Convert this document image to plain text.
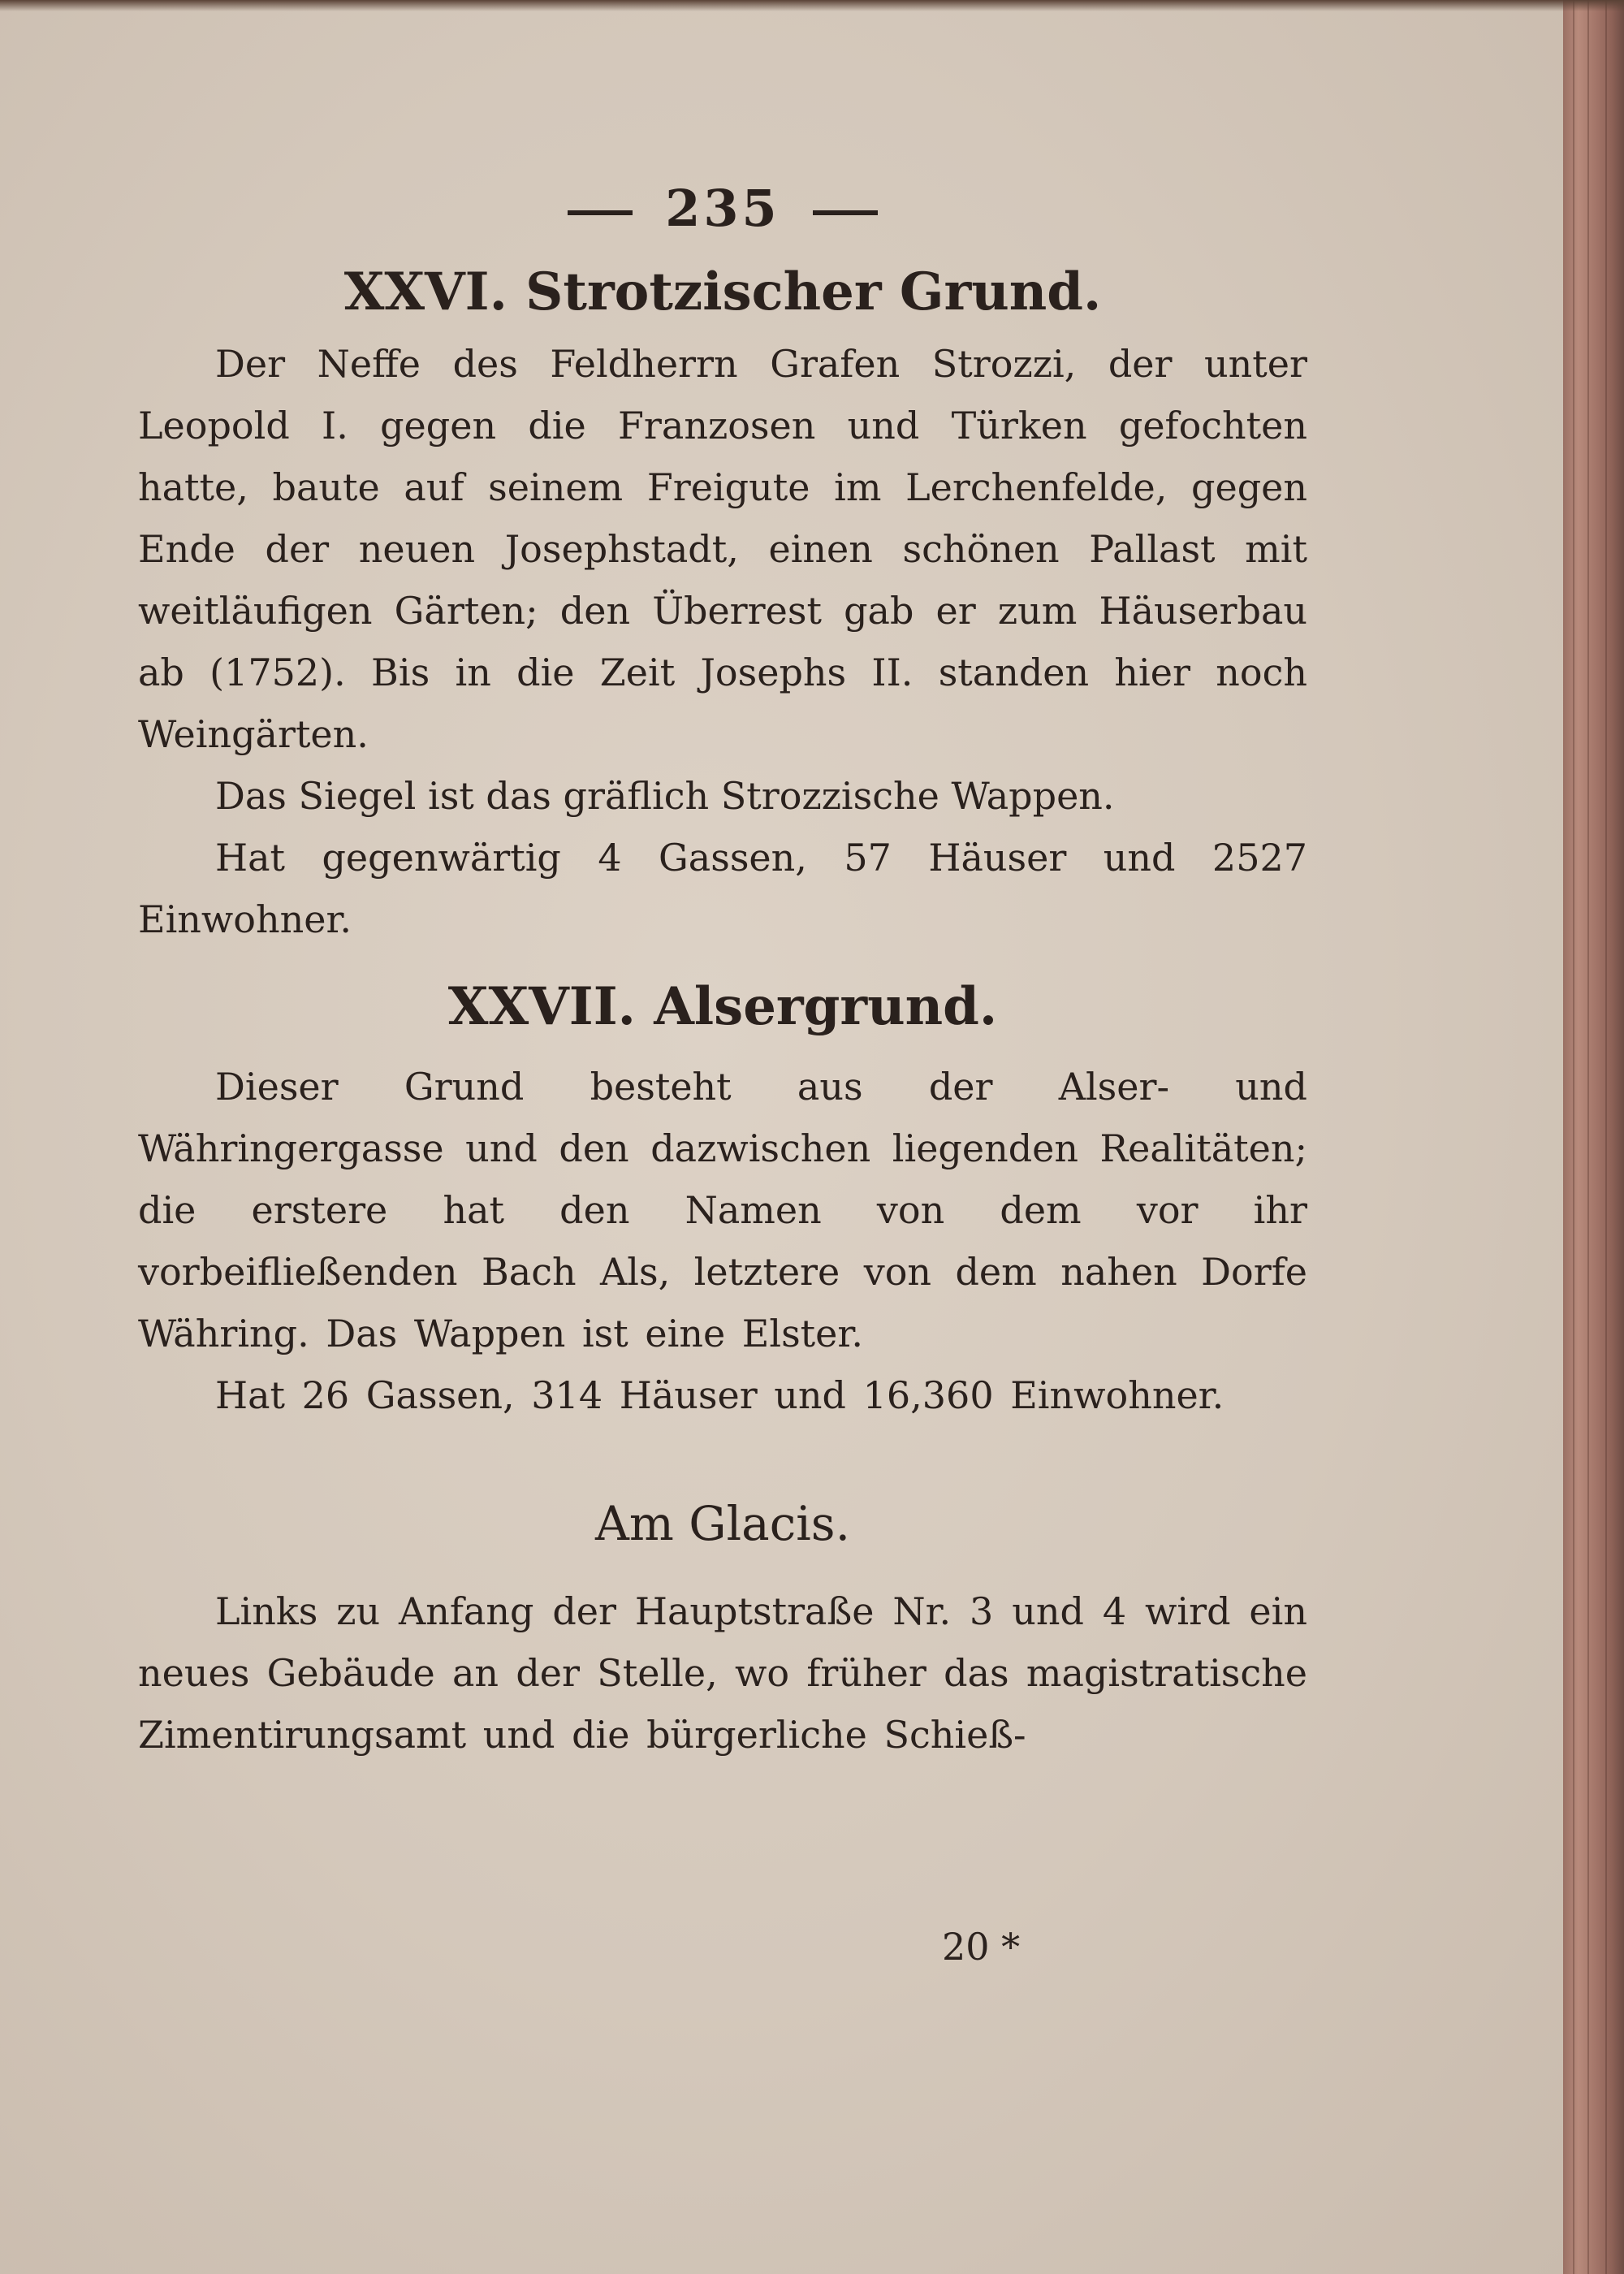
235
XXVI. Strotzischer Grund.

Der Neffe des Feldherrn Grafen Strozzi, der unter Leopold I. gegen die Franzosen und Türken gefochten hatte, baute auf seinem Freigute im Lerchenfelde, gegen Ende der neuen Josephstadt, einen schönen Pallast mit weitläufigen Gärten; den Überrest gab er zum Häuserbau ab (1752). Bis in die Zeit Josephs II. standen hier noch Weingärten.

Das Siegel ist das gräflich Strozzische Wappen.

Hat gegenwärtig 4 Gassen, 57 Häuser und 2527 Einwohner.

XXVII. Alsergrund.

Dieser Grund besteht aus der Alser- und Währingergasse und den dazwischen liegenden Realitäten; die erstere hat den Namen von dem vor ihr vorbeifließenden Bach Als, letztere von dem nahen Dorfe Währing. Das Wappen ist eine Elster.

Hat 26 Gassen, 314 Häuser und 16,360 Einwohner.

Am Glacis.

Links zu Anfang der Hauptstraße Nr. 3 und 4 wird ein neues Gebäude an der Stelle, wo früher das magistratische Zimentirungsamt und die bürgerliche Schieß-

20 *
